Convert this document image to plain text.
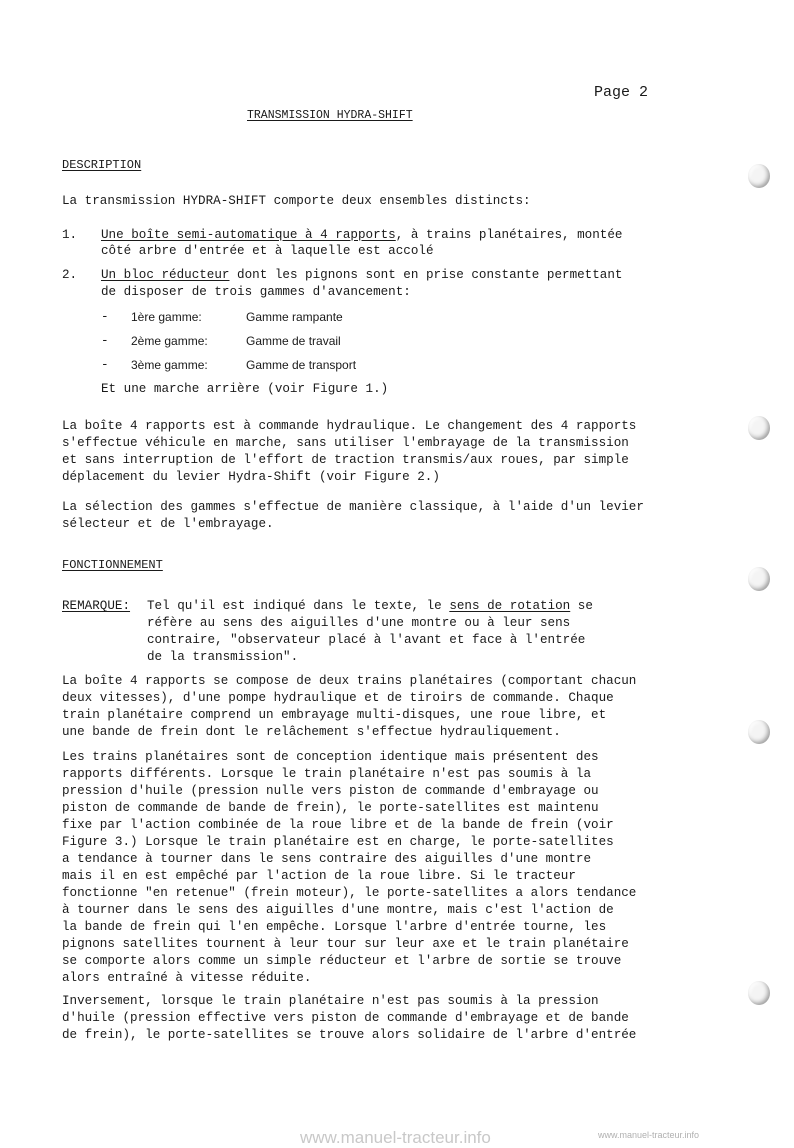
Page 2
TRANSMISSION HYDRA-SHIFT
DESCRIPTION
La transmission HYDRA-SHIFT comporte deux ensembles distincts:
1. Une boîte semi-automatique à 4 rapports, à trains planétaires, montée
côté arbre d'entrée et à laquelle est accolé
2. Un bloc réducteur dont les pignons sont en prise constante permettant
de disposer de trois gammes d'avancement:
- 1ère gamme:	Gamme rampante
- 2ème gamme:	Gamme de travail
- 3ème gamme:	Gamme de transport
Et une marche arrière (voir Figure 1.)
La boîte 4 rapports est à commande hydraulique. Le changement des 4 rapports
s'effectue véhicule en marche, sans utiliser l'embrayage de la transmission
et sans interruption de l'effort de traction transmis/aux roues, par simple
déplacement du levier Hydra-Shift (voir Figure 2.)
La sélection des gammes s'effectue de manière classique, à l'aide d'un levier
sélecteur et de l'embrayage.
FONCTIONNEMENT
REMARQUE: Tel qu'il est indiqué dans le texte, le sens de rotation se
réfère au sens des aiguilles d'une montre ou à leur sens
contraire, "observateur placé à l'avant et face à l'entrée
de la transmission".
La boîte 4 rapports se compose de deux trains planétaires (comportant chacun
deux vitesses), d'une pompe hydraulique et de tiroirs de commande. Chaque
train planétaire comprend un embrayage multi-disques, une roue libre, et
une bande de frein dont le relâchement s'effectue hydrauliquement.
Les trains planétaires sont de conception identique mais présentent des
rapports différents. Lorsque le train planétaire n'est pas soumis à la
pression d'huile (pression nulle vers piston de commande d'embrayage ou
piston de commande de bande de frein), le porte-satellites est maintenu
fixe par l'action combinée de la roue libre et de la bande de frein (voir
Figure 3.) Lorsque le train planétaire est en charge, le porte-satellites
a tendance à tourner dans le sens contraire des aiguilles d'une montre
mais il en est empêché par l'action de la roue libre. Si le tracteur
fonctionne "en retenue" (frein moteur), le porte-satellites a alors tendance
à tourner dans le sens des aiguilles d'une montre, mais c'est l'action de
la bande de frein qui l'en empêche. Lorsque l'arbre d'entrée tourne, les
pignons satellites tournent à leur tour sur leur axe et le train planétaire
se comporte alors comme un simple réducteur et l'arbre de sortie se trouve
alors entraîné à vitesse réduite.
Inversement, lorsque le train planétaire n'est pas soumis à la pression
d'huile (pression effective vers piston de commande d'embrayage et de bande
de frein), le porte-satellites se trouve alors solidaire de l'arbre d'entrée
www.manuel-tracteur.info	www.manuel-tracteur.info
